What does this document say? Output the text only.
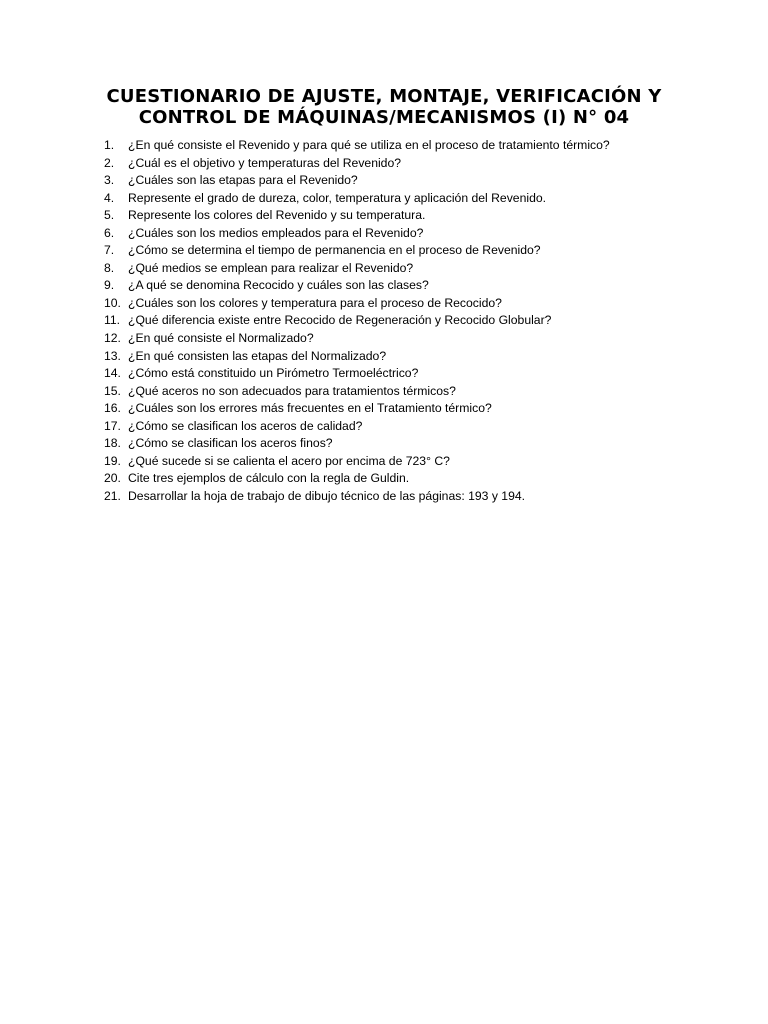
CUESTIONARIO DE AJUSTE, MONTAJE, VERIFICACIÓN Y
CONTROL DE MÁQUINAS/MECANISMOS (I) N° 04
1.	¿En qué consiste el Revenido y para qué se utiliza en el proceso de tratamiento térmico?
2.	¿Cuál es el objetivo y temperaturas del Revenido?
3.	¿Cuáles son las etapas para el Revenido?
4.	Represente el grado de dureza, color, temperatura y aplicación del Revenido.
5.	Represente los colores del Revenido y su temperatura.
6.	¿Cuáles son los medios empleados para el Revenido?
7.	¿Cómo se determina el tiempo de permanencia en el proceso de Revenido?
8.	¿Qué medios se emplean para realizar el Revenido?
9.	¿A qué se denomina Recocido y cuáles son las clases?
10. ¿Cuáles son los colores y temperatura para el proceso de Recocido?
11. ¿Qué diferencia existe entre Recocido de Regeneración y Recocido Globular?
12. ¿En qué consiste el Normalizado?
13. ¿En qué consisten las etapas del Normalizado?
14. ¿Cómo está constituido un Pirómetro Termoeléctrico?
15. ¿Qué aceros no son adecuados para tratamientos térmicos?
16. ¿Cuáles son los errores más frecuentes en el Tratamiento térmico?
17. ¿Cómo se clasifican los aceros de calidad?
18. ¿Cómo se clasifican los aceros finos?
19. ¿Qué sucede si se calienta el acero por encima de 723° C?
20. Cite tres ejemplos de cálculo con la regla de Guldin.
21. Desarrollar la hoja de trabajo de dibujo técnico de las páginas: 193 y 194.
